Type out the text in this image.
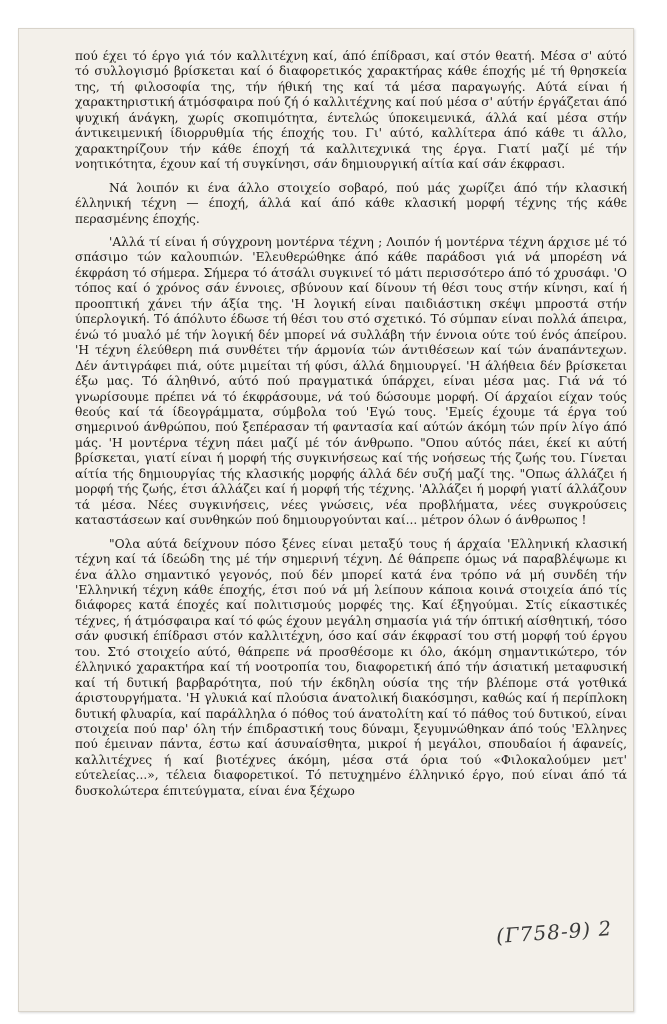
πού έχει τό έργο γιά τόν καλλιτέχνη καί, άπό έπίδρασι, καί στόν θεατή. Μέσα σ' αύτό τό συλλογισμό βρίσκεται καί ό διαφορετικός χαρακτήρας κάθε έποχής μέ τή θρησκεία της, τή φιλοσοφία της, τήν ήθική της καί τά μέσα παραγωγής. Αύτά είναι ή χαρακτηριστική άτμόσφαιρα πού ζή ό καλλιτέχνης καί πού μέσα σ' αύτήν έργάζεται άπό ψυχική άνάγκη, χωρίς σκοπιμότητα, έντελώς ύποκειμενικά, άλλά καί μέσα στήν άντικειμενική ίδιορρυθμία τής έποχής του. Γι' αύτό, καλλίτερα άπό κάθε τι άλλο, χαρακτηρίζουν τήν κάθε έποχή τά καλλιτεχνικά της έργα. Γιατί μαζί μέ τήν νοητικότητα, έχουν καί τή συγκίνησι, σάν δημιουργική αίτία καί σάν έκφρασι.

Νά λοιπόν κι ένα άλλο στοιχείο σοβαρό, πού μάς χωρίζει άπό τήν κλασική έλληνική τέχνη — έποχή, άλλά καί άπό κάθε κλασική μορφή τέχνης τής κάθε περασμένης έποχής.

'Αλλά τί είναι ή σύγχρονη μοντέρνα τέχνη ; Λοιπόν ή μοντέρνα τέχνη άρχισε μέ τό σπάσιμο τών καλουπιών. 'Ελευθερώθηκε άπό κάθε παράδοσι γιά νά μπορέση νά έκφράση τό σήμερα. Σήμερα τό άτσάλι συγκινεί τό μάτι περισσότερο άπό τό χρυσάφι. 'Ο τόπος καί ό χρόνος σάν έννοιες, σβύνουν καί δίνουν τή θέσι τους στήν κίνησι, καί ή προοπτική χάνει τήν άξία της. 'Η λογική είναι παιδιάστικη σκέψι μπροστά στήν ύπερλογική. Τό άπόλυτο έδωσε τή θέσι του στό σχετικό. Τό σύμπαν είναι πολλά άπειρα, ένώ τό μυαλό μέ τήν λογική δέν μπορεί νά συλλάβη τήν έννοια ούτε τού ένός άπείρου. 'Η τέχνη έλεύθερη πιά συνθέτει τήν άρμονία τών άντιθέσεων καί τών άναπάντεχων. Δέν άντιγράφει πιά, ούτε μιμείται τή φύσι, άλλά δημιουργεί. 'Η άλήθεια δέν βρίσκεται έξω μας. Τό άληθινό, αύτό πού πραγματικά ύπάρχει, είναι μέσα μας. Γιά νά τό γνωρίσουμε πρέπει νά τό έκφράσουμε, νά τού δώσουμε μορφή. Οί άρχαίοι είχαν τούς θεούς καί τά ίδεογράμματα, σύμβολα τού 'Εγώ τους. 'Εμείς έχουμε τά έργα τού σημερινού άνθρώπου, πού ξεπέρασαν τή φαντασία καί αύτών άκόμη τών πρίν λίγο άπό μάς. 'Η μοντέρνα τέχνη πάει μαζί μέ τόν άνθρωπο. "Οπου αύτός πάει, έκεί κι αύτή βρίσκεται, γιατί είναι ή μορφή τής συγκινήσεως καί τής νοήσεως τής ζωής του. Γίνεται αίτία τής δημιουργίας τής κλασικής μορφής άλλά δέν συζή μαζί της. "Οπως άλλάζει ή μορφή τής ζωής, έτσι άλλάζει καί ή μορφή τής τέχνης. 'Αλλάζει ή μορφή γιατί άλλάζουν τά μέσα. Νέες συγκινήσεις, νέες γνώσεις, νέα προβλήματα, νέες συγκρούσεις καταστάσεων καί συνθηκών πού δημιουργούνται καί... μέτρον όλων ό άνθρωπος !

"Ολα αύτά δείχνουν πόσο ξένες είναι μεταξύ τους ή άρχαία 'Ελληνική κλασική τέχνη καί τά ίδεώδη της μέ τήν σημερινή τέχνη. Δέ θάπρεπε όμως νά παραβλέψωμε κι ένα άλλο σημαντικό γεγονός, πού δέν μπορεί κατά ένα τρόπο νά μή συνδέη τήν 'Ελληνική τέχνη κάθε έποχής, έτσι πού νά μή λείπουν κάποια κοινά στοιχεία άπό τίς διάφορες κατά έποχές καί πολιτισμούς μορφές της. Καί έξηγούμαι. Στίς είκαστικές τέχνες, ή άτμόσφαιρα καί τό φώς έχουν μεγάλη σημασία γιά τήν όπτική αίσθητική, τόσο σάν φυσική έπίδρασι στόν καλλιτέχνη, όσο καί σάν έκφρασί του στή μορφή τού έργου του. Στό στοιχείο αύτό, θάπρεπε νά προσθέσομε κι όλο, άκόμη σημαντικώτερο, τόν έλληνικό χαρακτήρα καί τή νοοτροπία του, διαφορετική άπό τήν άσιατική μεταφυσική καί τή δυτική βαρβαρότητα, πού τήν έκδηλη ούσία της τήν βλέπομε στά γοτθικά άριστουργήματα. 'Η γλυκιά καί πλούσια άνατολική διακόσμησι, καθώς καί ή περίπλοκη δυτική φλυαρία, καί παράλληλα ό πόθος τού άνατολίτη καί τό πάθος τού δυτικού, είναι στοιχεία πού παρ' όλη τήν έπιδραστική τους δύναμι, ξεγυμνώθηκαν άπό τούς 'Ελληνες πού έμειναν πάντα, έστω καί άσυναίσθητα, μικροί ή μεγάλοι, σπουδαίοι ή άφανείς, καλλιτέχνες ή καί βιοτέχνες άκόμη, μέσα στά όρια τού «Φιλοκαλούμεν μετ' εύτελείας...», τέλεια διαφορετικοί. Τό πετυχημένο έλληνικό έργο, πού είναι άπό τά δυσκολώτερα έπιτεύγματα, είναι ένα ξέχωρο

(Γ758-9) 2
